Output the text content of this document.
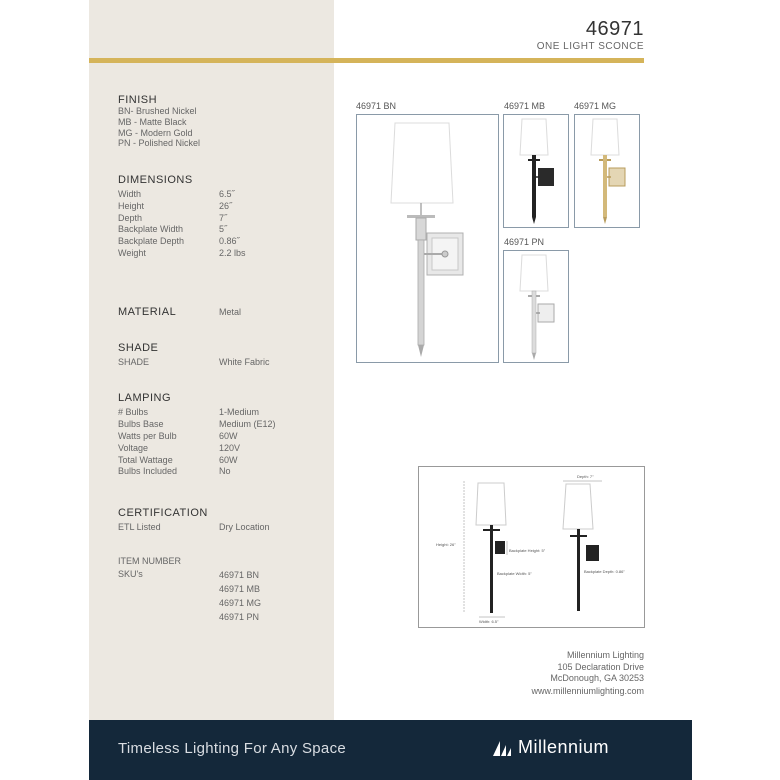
46971
ONE LIGHT SCONCE
FINISH
BN- Brushed Nickel
MB - Matte Black
MG - Modern Gold
PN - Polished Nickel
DIMENSIONS
Width	6.5˝
Height	26˝
Depth	7˝
Backplate Width	5˝
Backplate Depth	0.86˝
Weight	2.2 lbs
MATERIAL	Metal
SHADE
SHADE	White Fabric
LAMPING
# Bulbs	1-Medium
Bulbs Base	Medium (E12)
Watts per Bulb	60W
Voltage	120V
Total Wattage	60W
Bulbs Included	No
CERTIFICATION
ETL Listed	Dry Location
ITEM NUMBER
SKU's	46971 BN
46971 MB
46971 MG
46971 PN
46971 BN	46971 MB	46971 MG
46971 PN
Height: 26"
Width: 6.5"
Backplate Height: 5"
Backplate Width: 5"
Depth: 7"
Backplate Depth: 0.86"
Millennium Lighting
105 Declaration Drive
McDonough, GA 30253
www.millenniumlighting.com
Timeless Lighting For Any Space	Millennium
